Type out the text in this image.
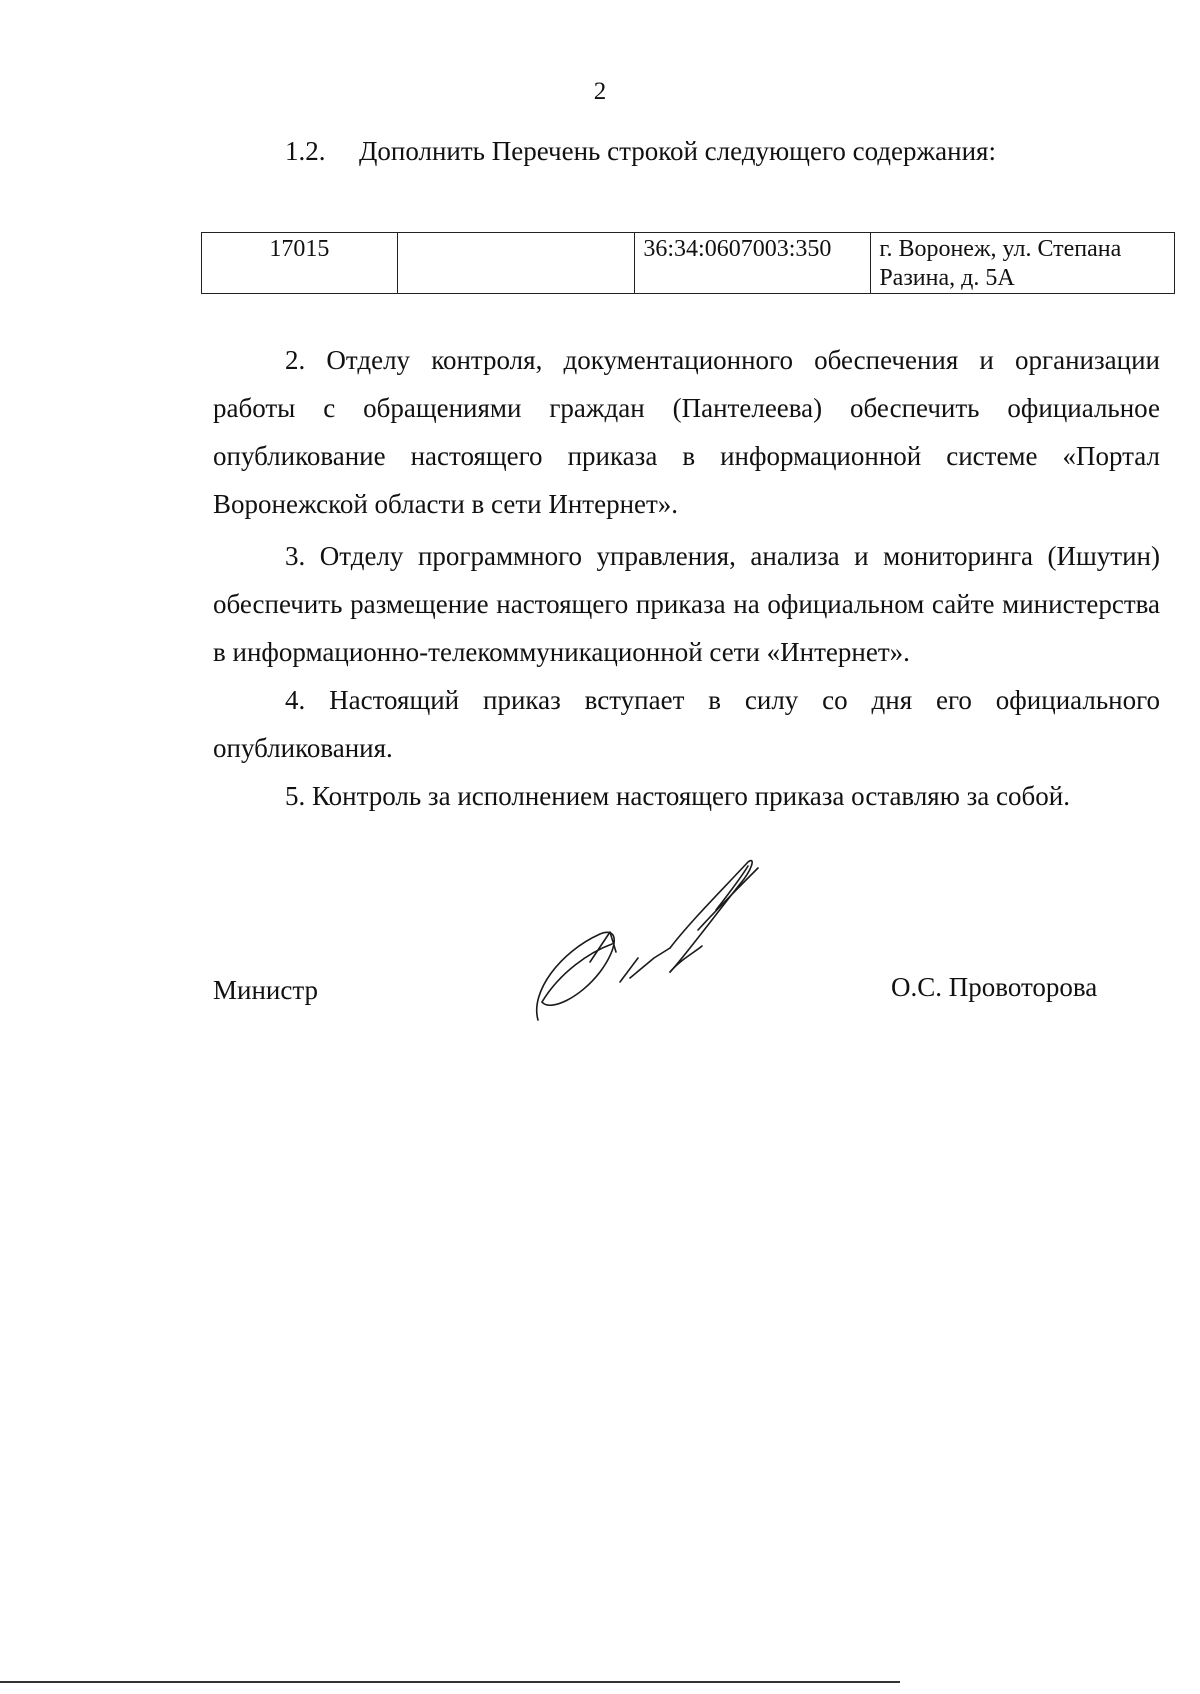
2
1.2. Дополнить Перечень строкой следующего содержания:
17015		36:34:0607003:350	г. Воронеж, ул. Степана Разина, д. 5А

2. Отделу контроля, документационного обеспечения и организации работы с обращениями граждан (Пантелеева) обеспечить официальное опубликование настоящего приказа в информационной системе «Портал Воронежской области в сети Интернет».

3. Отделу программного управления, анализа и мониторинга (Ишутин) обеспечить размещение настоящего приказа на официальном сайте министерства в информационно-телекоммуникационной сети «Интернет».

4. Настоящий приказ вступает в силу со дня его официального опубликования.

5. Контроль за исполнением настоящего приказа оставляю за собой.

Министр	О.С. Провоторова
